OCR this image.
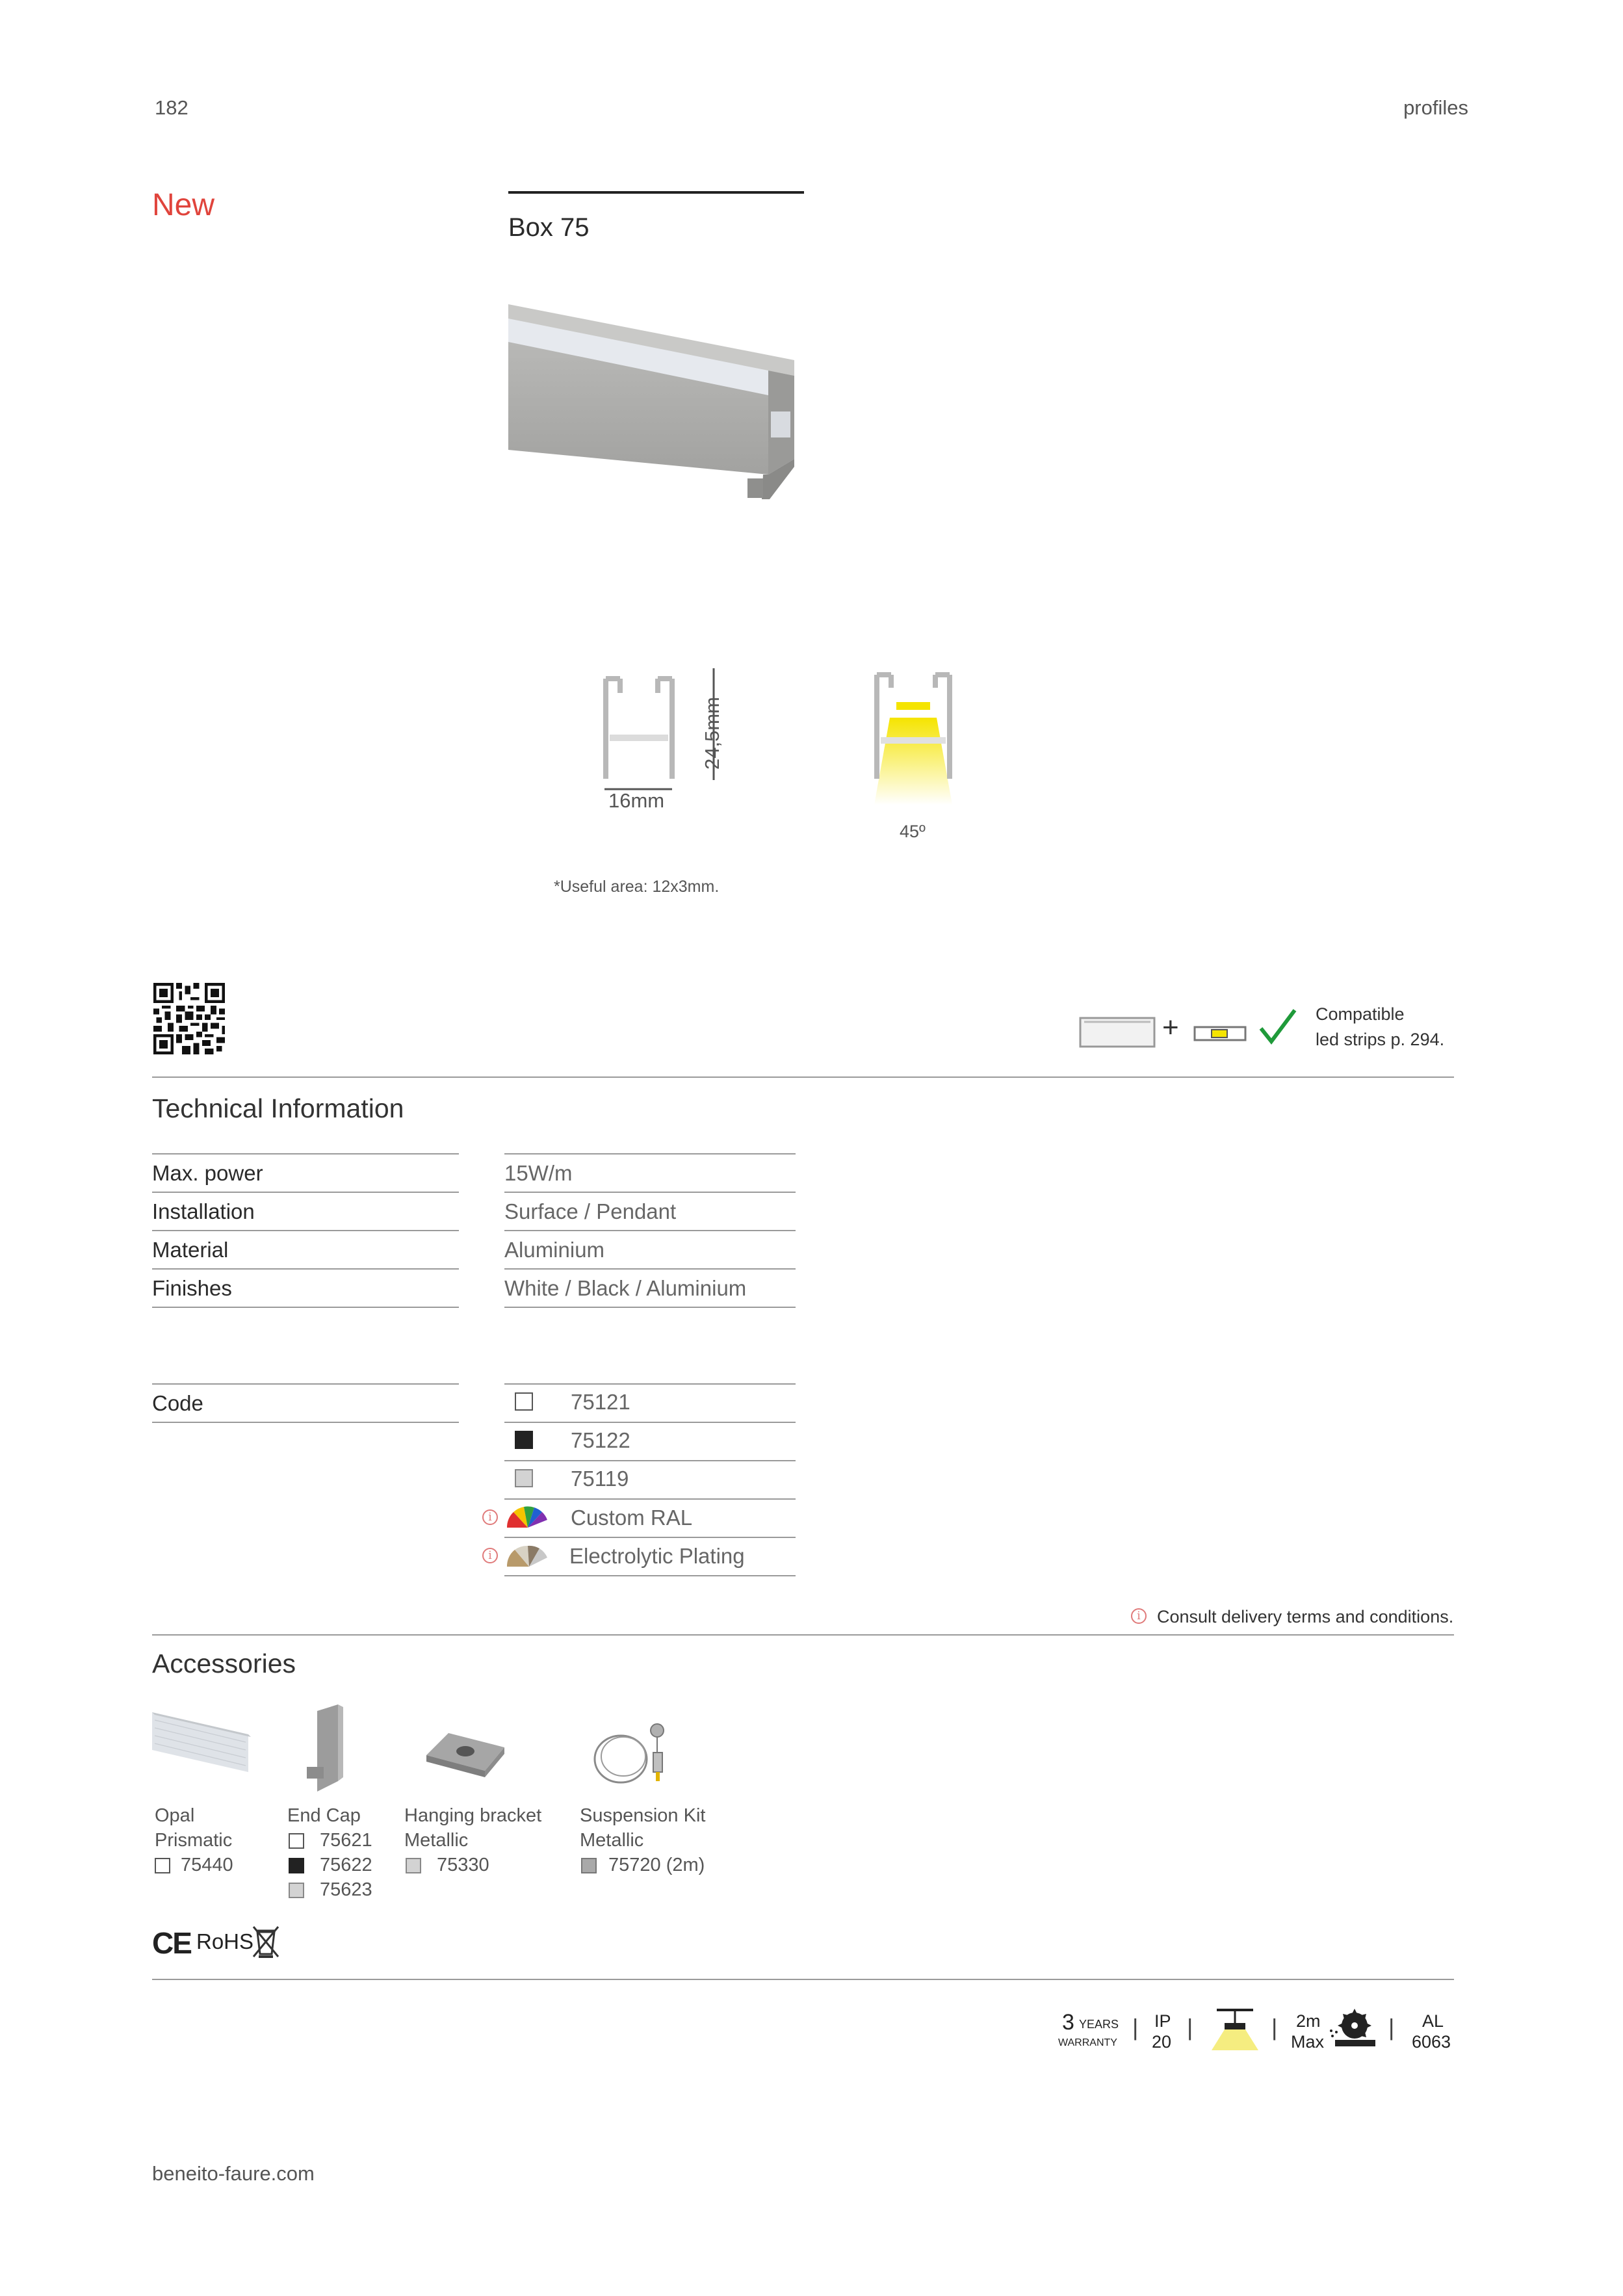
182	profiles
New
Box 75
24,5mm
16mm
45º
*Useful area: 12x3mm.
+	Compatible
led strips p. 294.
Technical Information
Max. power	15W/m
Installation	Surface / Pendant
Material	Aluminium
Finishes	White / Black / Aluminium
Code	75121
75122
75119
i	Custom RAL
i	Electrolytic Plating
i Consult delivery terms and conditions.
Accessories
Opal
Prismatic
75440
End Cap
75621
75622
75623
Hanging bracket
Metallic
75330
Suspension Kit
Metallic
75720 (2m)
CE RoHS
3 YEARS
WARRANTY
| IP
20
|	| 2m
Max
| AL
6063
beneito-faure.com
